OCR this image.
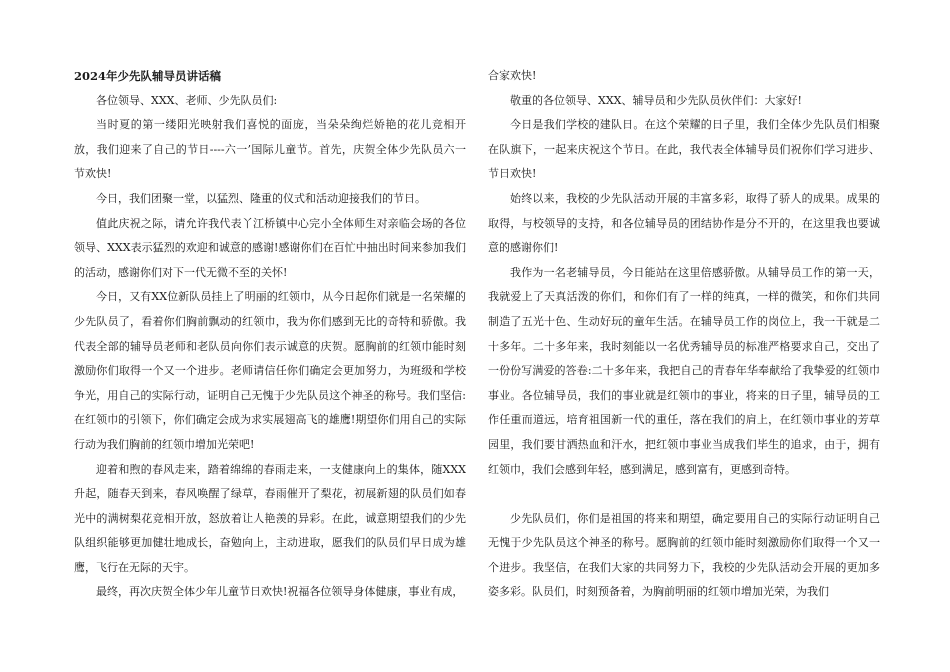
2024年少先队辅导员讲话稿

各位领导、XXX、老师、少先队员们:

当时夏的第一缕阳光映射我们喜悦的面庞，当朵朵绚烂娇艳的花儿竞相开放，我们迎来了自己的节日----六一’国际儿童节。首先，庆贺全体少先队员六一节欢快!

今日，我们团聚一堂，以猛烈、隆重的仪式和活动迎接我们的节日。

值此庆祝之际，请允许我代表丫江桥镇中心完小全体师生对亲临会场的各位领导、XXX表示猛烈的欢迎和诚意的感谢!感谢你们在百忙中抽出时间来参加我们的活动，感谢你们对下一代无微不至的关怀!

今日，又有XX位新队员挂上了明丽的红领巾，从今日起你们就是一名荣耀的少先队员了，看着你们胸前飘动的红领巾，我为你们感到无比的奇特和骄傲。我代表全部的辅导员老师和老队员向你们表示诚意的庆贺。愿胸前的红领巾能时刻激励你们取得一个又一个进步。老师请信任你们确定会更加努力，为班级和学校争光，用自己的实际行动，证明自己无愧于少先队员这个神圣的称号。我们坚信:在红领巾的引领下，你们确定会成为求实展翅高飞的雄鹰!期望你们用自己的实际行动为我们胸前的红领巾增加光荣吧!

迎着和煦的春风走来，踏着绵绵的春雨走来，一支健康向上的集体，随XXX升起，随春天到来，春风唤醒了绿草，春雨催开了梨花，初展新翅的队员们如春光中的满树梨花竞相开放，怒放着让人艳羡的异彩。在此，诚意期望我们的少先队组织能够更加健壮地成长，奋勉向上，主动进取，愿我们的队员们早日成为雄鹰，飞行在无际的天宇。

最终，再次庆贺全体少年儿童节日欢快!祝福各位领导身体健康，事业有成，

合家欢快!

敬重的各位领导、XXX、辅导员和少先队员伙伴们：大家好!

今日是我们学校的建队日。在这个荣耀的日子里，我们全体少先队员们相聚在队旗下，一起来庆祝这个节日。在此，我代表全体辅导员们祝你们学习进步、节日欢快!

始终以来，我校的少先队活动开展的丰富多彩，取得了骄人的成果。成果的取得，与校领导的支持，和各位辅导员的团结协作是分不开的，在这里我也要诚意的感谢你们!

我作为一名老辅导员，今日能站在这里倍感骄傲。从辅导员工作的第一天，我就爱上了天真活泼的你们，和你们有了一样的纯真，一样的微笑，和你们共同制造了五光十色、生动好玩的童年生活。在辅导员工作的岗位上，我一干就是二十多年。二十多年来，我时刻能以一名优秀辅导员的标准严格要求自己，交出了一份份写满爱的答卷:二十多年来，我把自己的青春年华奉献给了我挚爱的红领巾事业。各位辅导员，我们的事业就是红领巾的事业，将来的日子里，辅导员的工作任重而道远，培育祖国新一代的重任，落在我们的肩上，在红领巾事业的芳草园里，我们要甘洒热血和汗水，把红领巾事业当成我们毕生的追求，由于，拥有红领巾，我们会感到年轻，感到满足，感到富有，更感到奇特。

少先队员们，你们是祖国的将来和期望，确定要用自己的实际行动证明自己无愧于少先队员这个神圣的称号。愿胸前的红领巾能时刻激励你们取得一个又一个进步。我坚信，在我们大家的共同努力下，我校的少先队活动会开展的更加多姿多彩。队员们，时刻预备着，为胸前明丽的红领巾增加光荣，为我们
